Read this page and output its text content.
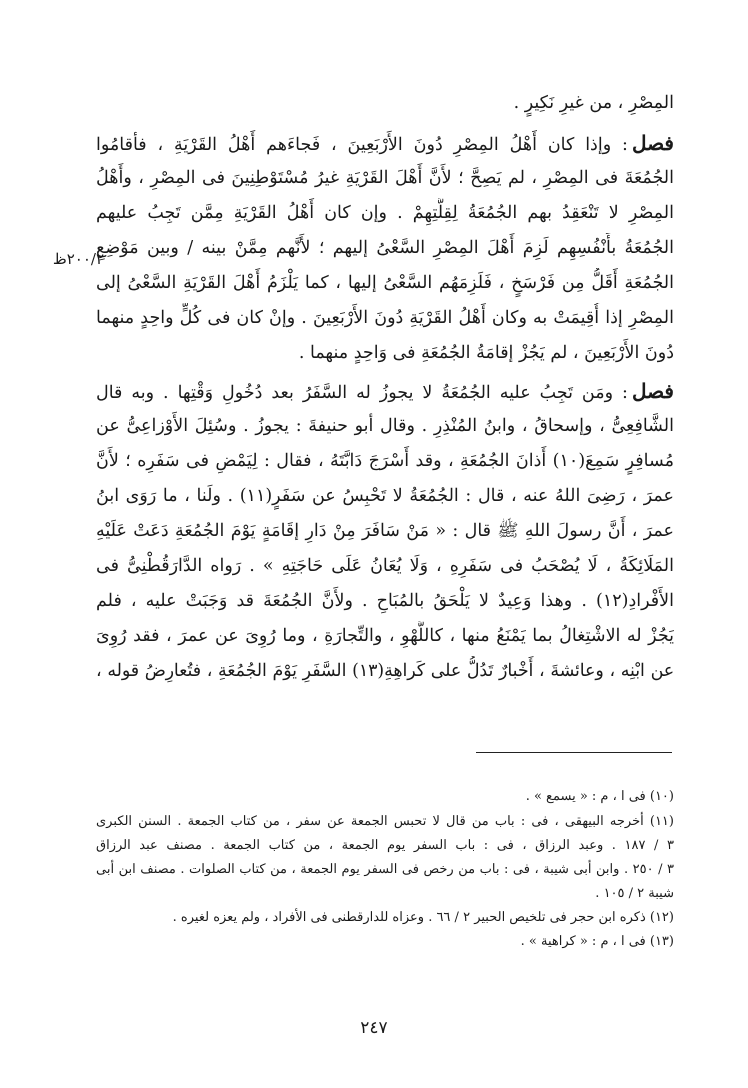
٢٠٠/٢ظ
المِصْرِ ، من غيرِ نَكِيرٍ .
فصل: وإذا كان أَهْلُ المِصْرِ دُونَ الأَرْبَعِينَ ، فَجاءَهم أَهْلُ القَرْيَةِ ، فأقامُوا
الجُمُعَةَ فى المِصْرِ ، لم يَصِحَّ ؛ لأَنَّ أَهْلَ القَرْيَةِ غيرُ مُسْتَوْطِنِينَ فى المِصْرِ ، وأَهْلُ
المِصْرِ لا تَنْعَقِدُ بهم الجُمُعَةُ لِقِلَّتِهِمْ . وإن كان أَهْلُ القَرْيَةِ مِمَّن تَجِبُ عليهم
الجُمُعَةُ بأَنْفُسِهِم لَزِمَ أَهْلَ المِصْرِ السَّعْىُ إليهم ؛ لأَنَّهم مِمَّنْ بينه / وبين مَوْضِعِ
الجُمُعَةِ أَقَلُّ مِن فَرْسَخٍ ، فَلَزِمَهُم السَّعْىُ إليها ، كما يَلْزَمُ أَهْلَ القَرْيَةِ السَّعْىُ إلى
المِصْرِ إذا أُقِيمَتْ به وكان أَهْلُ القَرْيَةِ دُونَ الأَرْبَعِينَ . وإنْ كان فى كُلٍّ واحِدٍ منهما
دُونَ الأَرْبَعِينَ ، لم يَجُزْ إقامَةُ الجُمُعَةِ فى وَاحِدٍ منهما .
فصل: ومَن تَجِبُ عليه الجُمُعَةُ لا يجوزُ له السَّفَرُ بعد دُخُولِ وَقْتِها . وبه قال
الشَّافِعِىُّ ، وإسحاقُ ، وابنُ المُنْذِرِ . وقال أبو حنيفةَ : يجوزُ . وسُئِلَ الأَوْزاعِىُّ عن
مُسافِرٍ سَمِعَ(١٠) أَذانَ الجُمُعَةِ ، وقد أَسْرَجَ دَابَّتَهُ ، فقال : لِيَمْضِ فى سَفَرِه ؛ لأَنَّ
عمرَ ، رَضِىَ اللهُ عنه ، قال : الجُمُعَةُ لا تَحْبِسُ عن سَفَرٍ(١١) . ولَنا ، ما رَوَى ابنُ
عمرَ ، أَنَّ رسولَ اللهِ ﷺ قال : « مَنْ سَافَرَ مِنْ دَارِ إقَامَةٍ يَوْمَ الجُمُعَةِ دَعَتْ عَلَيْهِ
المَلَائِكَةُ ، لَا يُصْحَبُ فى سَفَرِهِ ، وَلَا يُعَانُ عَلَى حَاجَتِهِ » . رَواه الدَّارَقُطْنِىُّ فى
الأَفْرادِ(١٢) . وهذا وَعِيدٌ لا يَلْحَقُ بالمُبَاحِ . ولأَنَّ الجُمُعَةَ قد وَجَبَتْ عليه ، فلم
يَجُزْ له الاشْتِغالُ بما يَمْنَعُ منها ، كاللَّهْوِ ، والتِّجارَةِ ، وما رُوِىَ عن عمرَ ، فقد رُوِىَ
عن ابْنِه ، وعائشةَ ، أَخْبارٌ تَدُلُّ على كَراهِةِ(١٣) السَّفَرِ يَوْمَ الجُمُعَةِ ، فتُعارِضُ قوله ،
(١٠) فى ا ، م : « يسمع » .
(١١) أخرجه البيهقى ، فى : باب من قال لا تحبس الجمعة عن سفر ، من كتاب الجمعة . السنن الكبرى
٣ / ١٨٧ . وعبد الرزاق ، فى : باب السفر يوم الجمعة ، من كتاب الجمعة . مصنف عبد الرزاق
٣ / ٢٥٠ . وابن أبى شيبة ، فى : باب من رخص فى السفر يوم الجمعة ، من كتاب الصلوات . مصنف ابن أبى
شيبة ٢ / ١٠٥ .
(١٢) ذكره ابن حجر فى تلخيص الحبير ٢ / ٦٦ . وعزاه للدارقطنى فى الأفراد ، ولم يعزه لغيره .
(١٣) فى ا ، م : « كراهية » .
٢٤٧
